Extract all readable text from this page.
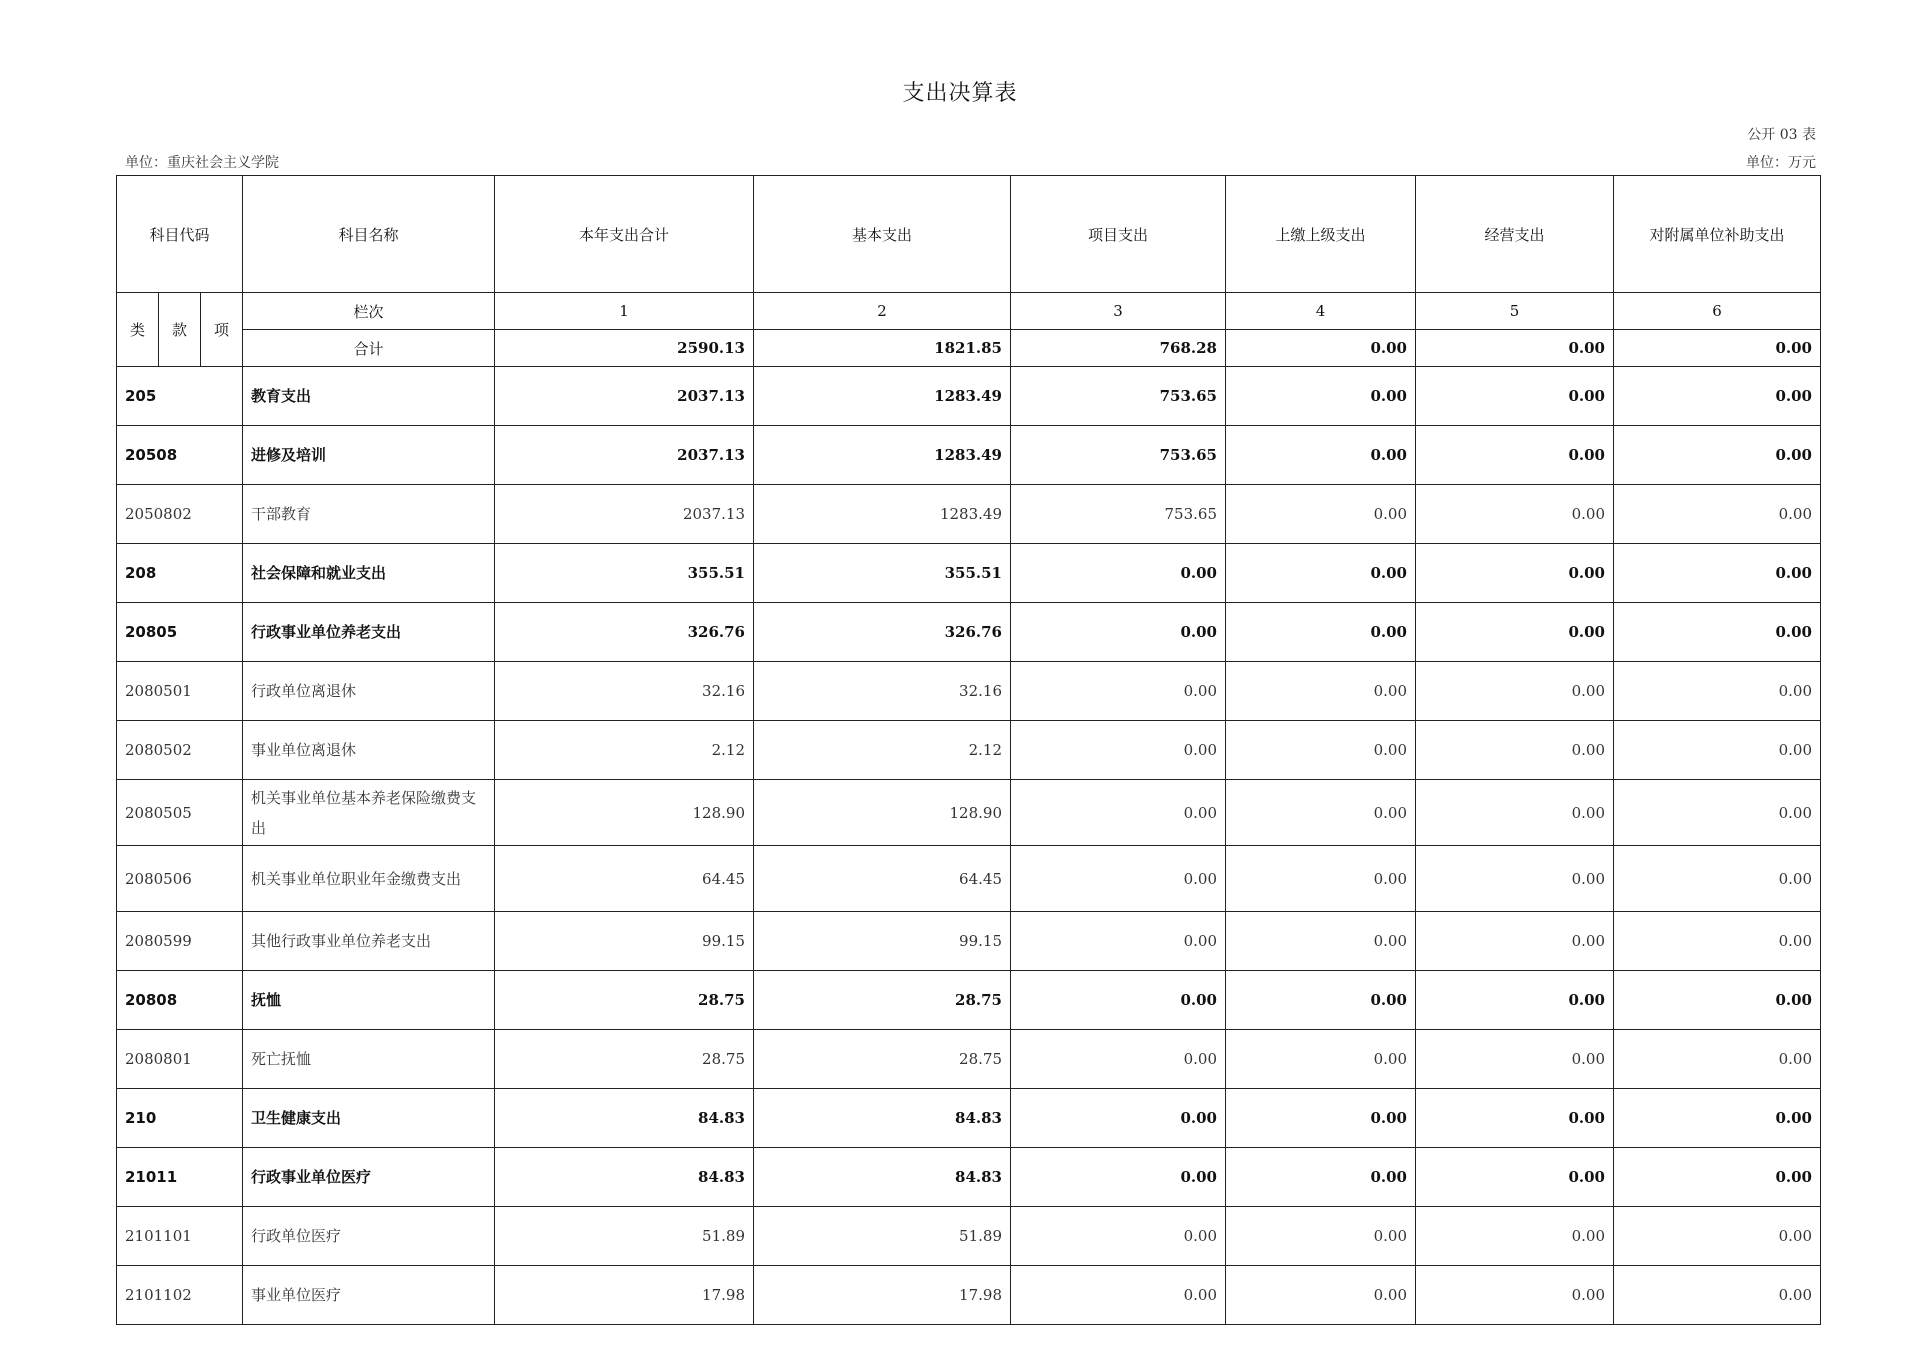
支出决算表
公开 03 表
单位：重庆社会主义学院	单位：万元
科目代码			科目名称	本年支出合计	基本支出	项目支出	上缴上级支出	经营支出	对附属单位补助支出
类	款	项	栏次	1	2	3	4	5	6
			合计	2590.13	1821.85	768.28	0.00	0.00	0.00
205			教育支出	2037.13	1283.49	753.65	0.00	0.00	0.00
20508			进修及培训	2037.13	1283.49	753.65	0.00	0.00	0.00
2050802			干部教育	2037.13	1283.49	753.65	0.00	0.00	0.00
208			社会保障和就业支出	355.51	355.51	0.00	0.00	0.00	0.00
20805			行政事业单位养老支出	326.76	326.76	0.00	0.00	0.00	0.00
2080501			行政单位离退休	32.16	32.16	0.00	0.00	0.00	0.00
2080502			事业单位离退休	2.12	2.12	0.00	0.00	0.00	0.00
2080505			机关事业单位基本养老保险缴费支出	128.90	128.90	0.00	0.00	0.00	0.00
2080506			机关事业单位职业年金缴费支出	64.45	64.45	0.00	0.00	0.00	0.00
2080599			其他行政事业单位养老支出	99.15	99.15	0.00	0.00	0.00	0.00
20808			抚恤	28.75	28.75	0.00	0.00	0.00	0.00
2080801			死亡抚恤	28.75	28.75	0.00	0.00	0.00	0.00
210			卫生健康支出	84.83	84.83	0.00	0.00	0.00	0.00
21011			行政事业单位医疗	84.83	84.83	0.00	0.00	0.00	0.00
2101101			行政单位医疗	51.89	51.89	0.00	0.00	0.00	0.00
2101102			事业单位医疗	17.98	17.98	0.00	0.00	0.00	0.00
